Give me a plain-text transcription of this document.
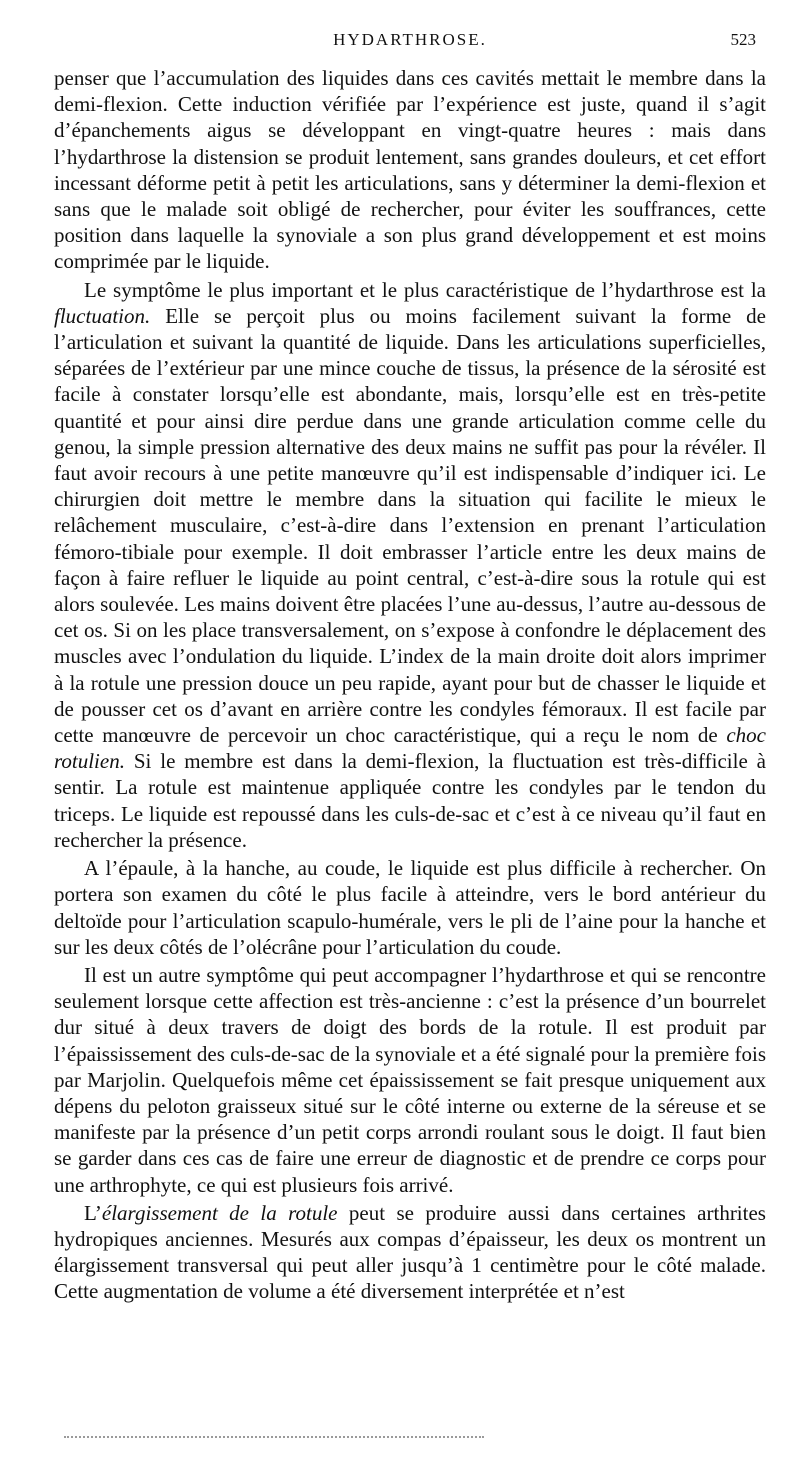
HYDARTHROSE.	523

penser que l’accumulation des liquides dans ces cavités mettait le membre dans la demi-flexion. Cette induction vérifiée par l’expérience est juste, quand il s’agit d’épanchements aigus se développant en vingt-quatre heures : mais dans l’hydarthrose la distension se produit lentement, sans grandes douleurs, et cet effort incessant déforme petit à petit les articulations, sans y déterminer la demi-flexion et sans que le malade soit obligé de rechercher, pour éviter les souffrances, cette position dans laquelle la synoviale a son plus grand développement et est moins comprimée par le liquide.

Le symptôme le plus important et le plus caractéristique de l’hydarthrose est la fluctuation. Elle se perçoit plus ou moins facilement suivant la forme de l’articulation et suivant la quantité de liquide. Dans les articulations superficielles, séparées de l’extérieur par une mince couche de tissus, la présence de la sérosité est facile à constater lorsqu’elle est abondante, mais, lorsqu’elle est en très-petite quantité et pour ainsi dire perdue dans une grande articulation comme celle du genou, la simple pression alternative des deux mains ne suffit pas pour la révéler. Il faut avoir recours à une petite manœuvre qu’il est indispensable d’indiquer ici. Le chirurgien doit mettre le membre dans la situation qui facilite le mieux le relâchement musculaire, c’est-à-dire dans l’extension en prenant l’articulation fémoro-tibiale pour exemple. Il doit embrasser l’article entre les deux mains de façon à faire refluer le liquide au point central, c’est-à-dire sous la rotule qui est alors soulevée. Les mains doivent être placées l’une au-dessus, l’autre au-dessous de cet os. Si on les place transversalement, on s’expose à confondre le déplacement des muscles avec l’ondulation du liquide. L’index de la main droite doit alors imprimer à la rotule une pression douce un peu rapide, ayant pour but de chasser le liquide et de pousser cet os d’avant en arrière contre les condyles fémoraux. Il est facile par cette manœuvre de percevoir un choc caractéristique, qui a reçu le nom de choc rotulien. Si le membre est dans la demi-flexion, la fluctuation est très-difficile à sentir. La rotule est maintenue appliquée contre les condyles par le tendon du triceps. Le liquide est repoussé dans les culs-de-sac et c’est à ce niveau qu’il faut en rechercher la présence.

A l’épaule, à la hanche, au coude, le liquide est plus difficile à rechercher. On portera son examen du côté le plus facile à atteindre, vers le bord antérieur du deltoïde pour l’articulation scapulo-humérale, vers le pli de l’aine pour la hanche et sur les deux côtés de l’olécrâne pour l’articulation du coude.

Il est un autre symptôme qui peut accompagner l’hydarthrose et qui se rencontre seulement lorsque cette affection est très-ancienne : c’est la présence d’un bourrelet dur situé à deux travers de doigt des bords de la rotule. Il est produit par l’épaississement des culs-de-sac de la synoviale et a été signalé pour la première fois par Marjolin. Quelquefois même cet épaississement se fait presque uniquement aux dépens du peloton graisseux situé sur le côté interne ou externe de la séreuse et se manifeste par la présence d’un petit corps arrondi roulant sous le doigt. Il faut bien se garder dans ces cas de faire une erreur de diagnostic et de prendre ce corps pour une arthrophyte, ce qui est plusieurs fois arrivé.

L’élargissement de la rotule peut se produire aussi dans certaines arthrites hydropiques anciennes. Mesurés aux compas d’épaisseur, les deux os montrent un élargissement transversal qui peut aller jusqu’à 1 centimètre pour le côté malade. Cette augmentation de volume a été diversement interprétée et n’est
